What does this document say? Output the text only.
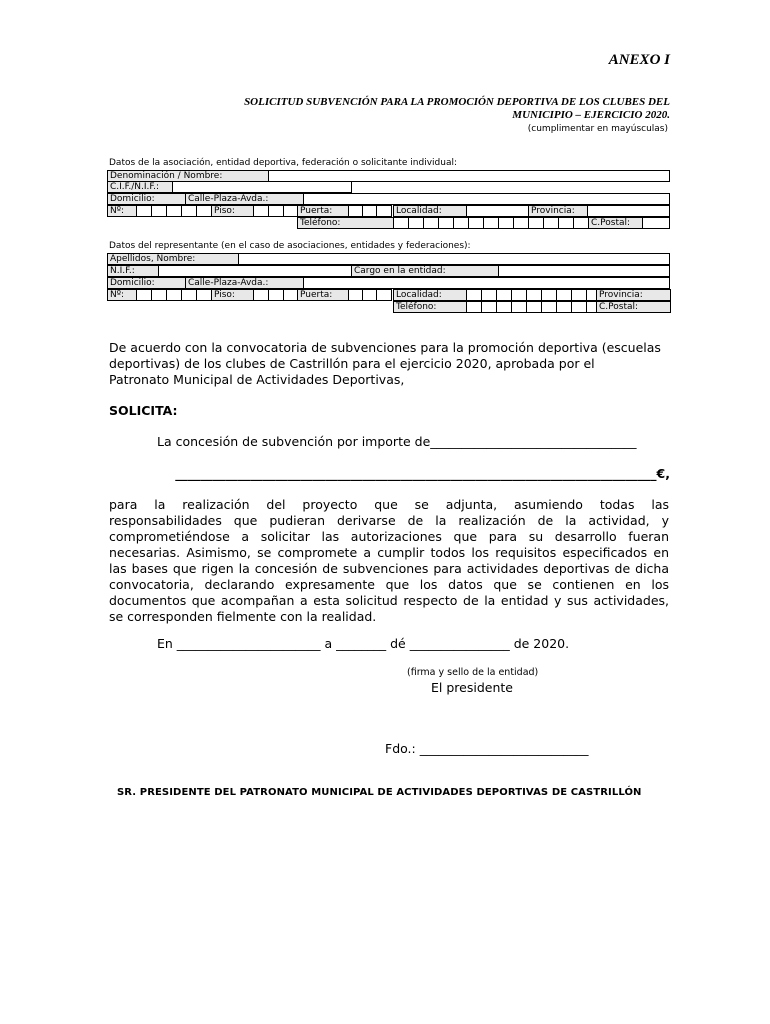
ANEXO I
SOLICITUD SUBVENCIÓN PARA LA PROMOCIÓN DEPORTIVA DE LOS CLUBES DEL
MUNICIPIO – EJERCICIO 2020.
(cumplimentar en mayúsculas)
Datos de la asociación, entidad deportiva, federación o solicitante individual:
Denominación / Nombre:
C.I.F./N.I.F.:
Domicilio:	Calle-Plaza-Avda.:
Nº:	Piso:	Puerta:	Localidad:	Provincia:
Teléfono:	C.Postal:
Datos del representante (en el caso de asociaciones, entidades y federaciones):
Apellidos, Nombre:
N.I.F.:	Cargo en la entidad:
Domicilio:	Calle-Plaza-Avda.:
Nº:	Piso:	Puerta:	Localidad:	Provincia:
Teléfono:	C.Postal:

De acuerdo con la convocatoria de subvenciones para la promoción deportiva (escuelas

deportivas) de los clubes de Castrillón para el ejercicio 2020, aprobada por el

Patronato Municipal de Actividades Deportivas,

SOLICITA:
La concesión de subvención por importe de_________________________________
_____________________________________________________________________________€,

para la realización del proyecto que se adjunta, asumiendo todas las

responsabilidades que pudieran derivarse de la realización de la actividad, y

comprometiéndose a solicitar las autorizaciones que para su desarrollo fueran

necesarias. Asimismo, se compromete a cumplir todos los requisitos especificados en

las bases que rigen la concesión de subvenciones para actividades deportivas de dicha

convocatoria, declarando expresamente que los datos que se contienen en los

documentos que acompañan a esta solicitud respecto de la entidad y sus actividades,

se corresponden fielmente con la realidad.

En _______________________ a ________ dé ________________ de 2020.
(firma y sello de la entidad)
El presidente
Fdo.: ___________________________
SR. PRESIDENTE DEL PATRONATO MUNICIPAL DE ACTIVIDADES DEPORTIVAS DE CASTRILLÓN
